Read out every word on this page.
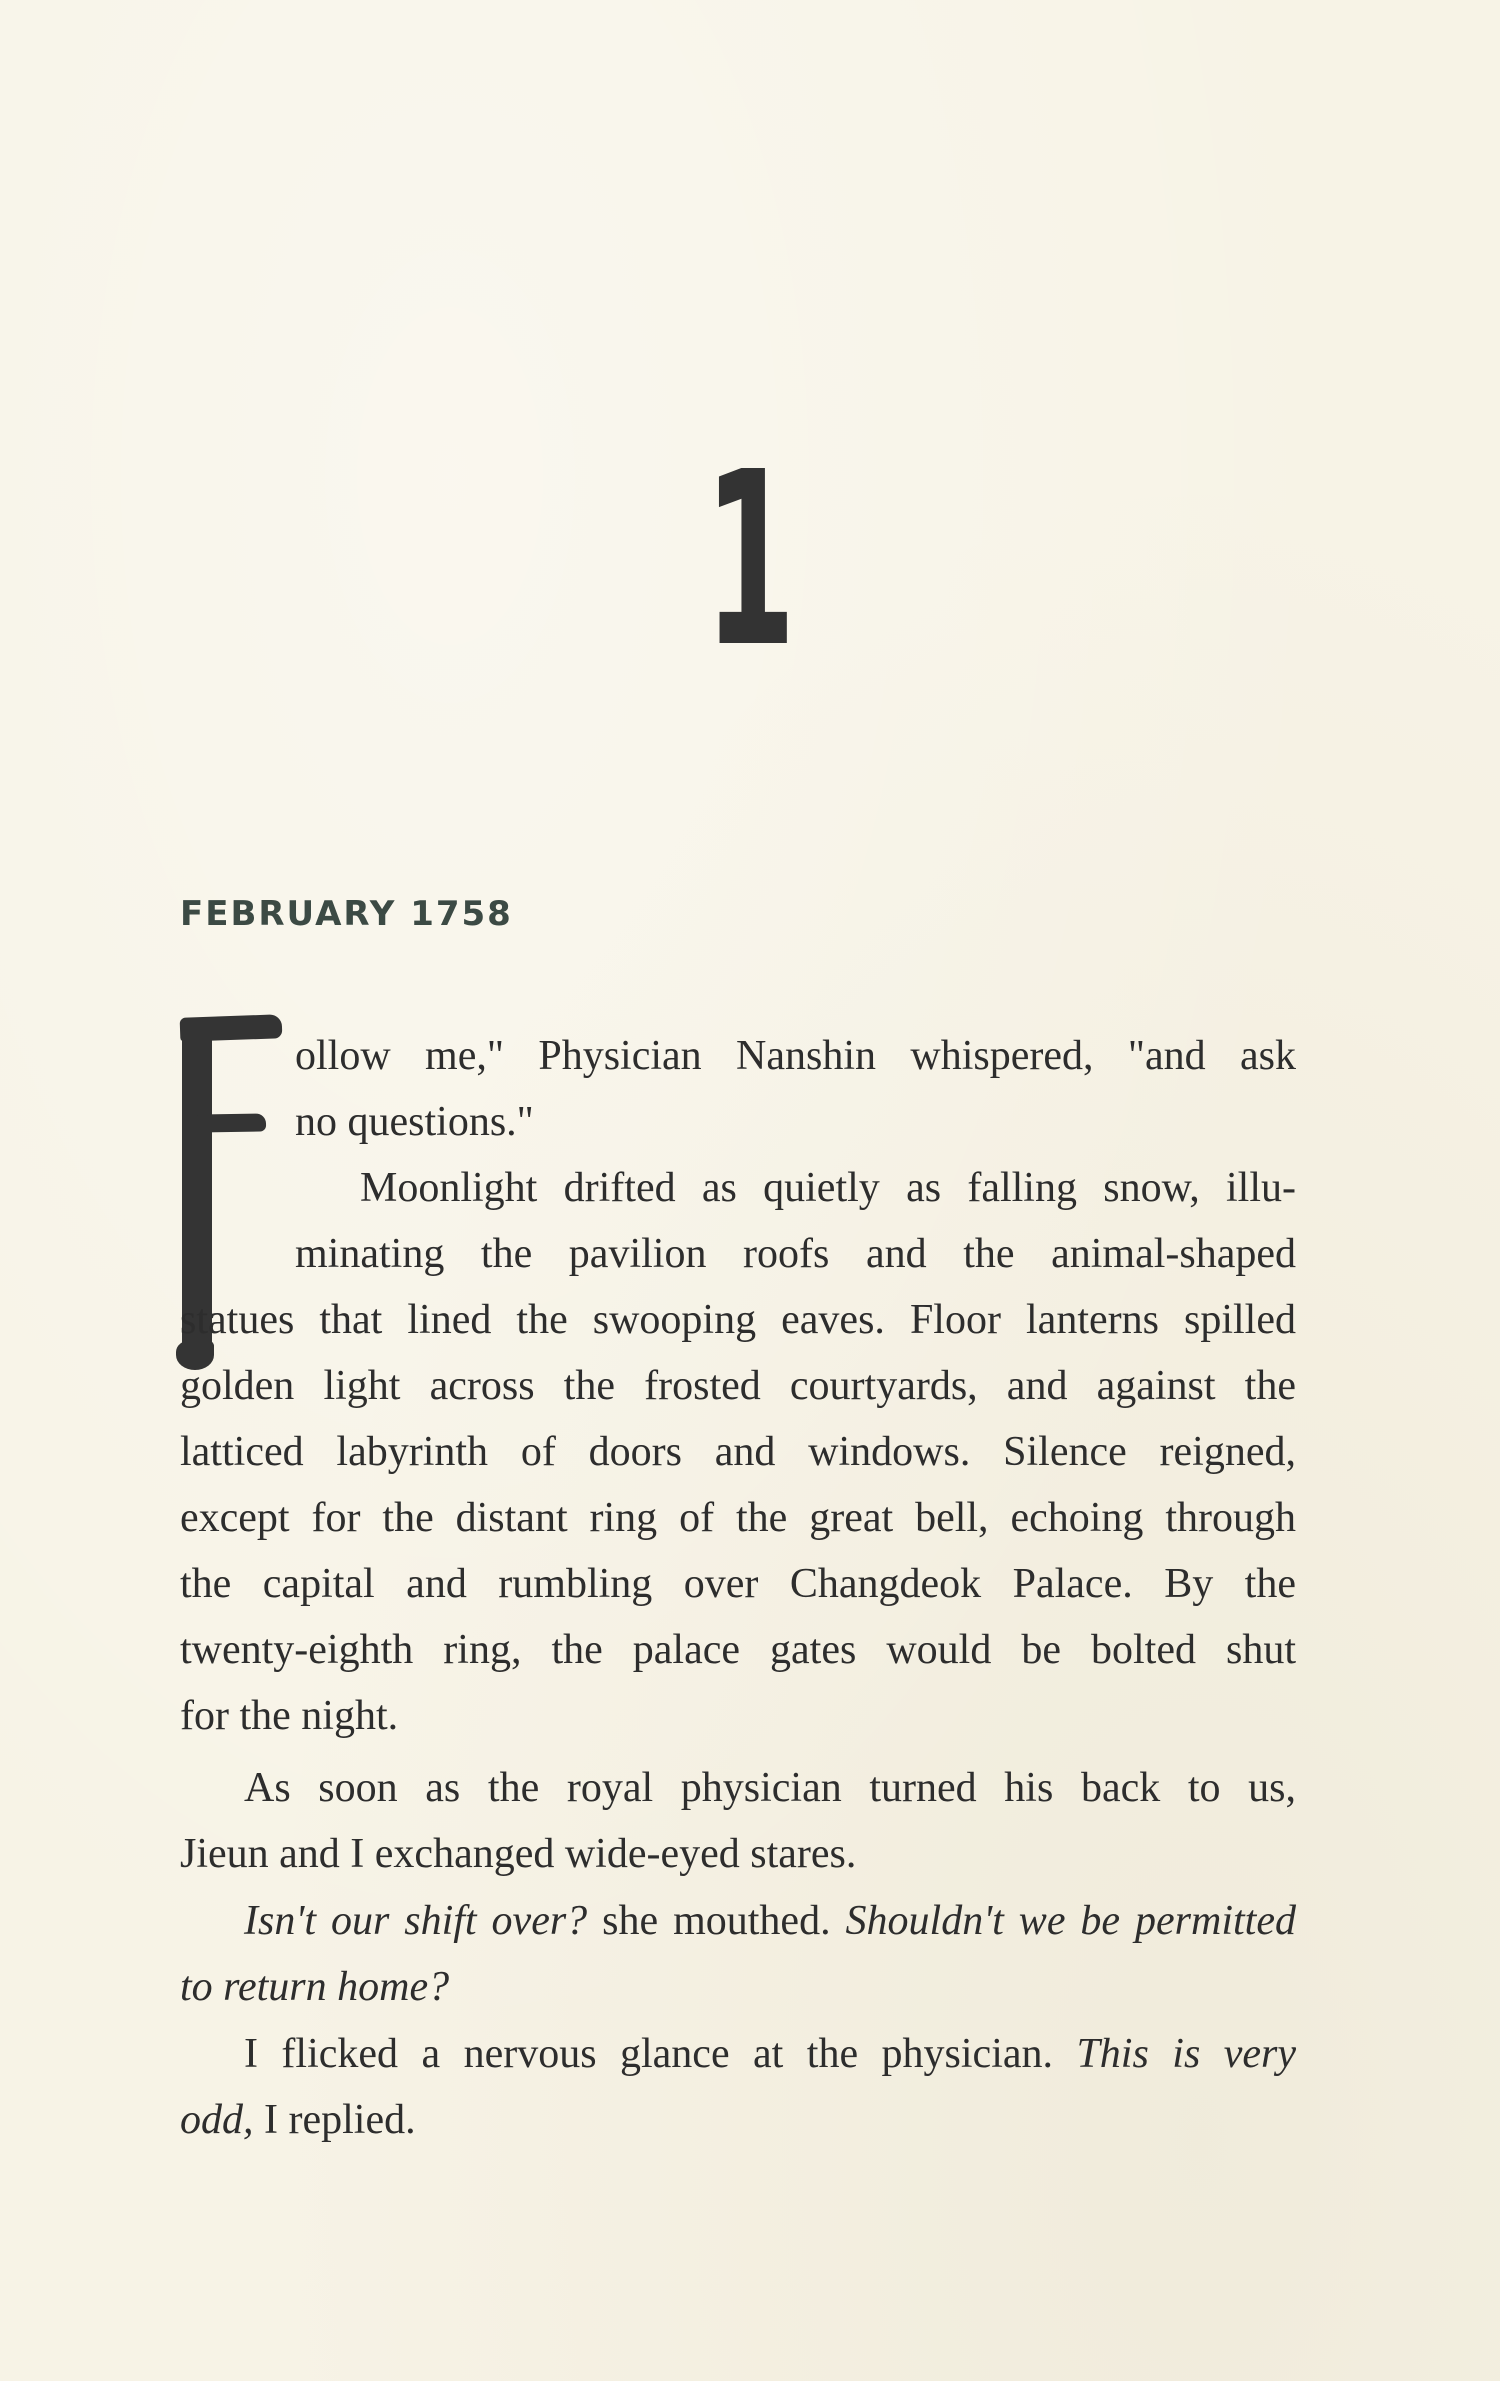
1
FEBRUARY 1758
ollow me," Physician Nanshin whispered, "and ask
no questions."
Moonlight drifted as quietly as falling snow, illu-
minating the pavilion roofs and the animal-shaped
statues that lined the swooping eaves. Floor lanterns spilled
golden light across the frosted courtyards, and against the
latticed labyrinth of doors and windows. Silence reigned,
except for the distant ring of the great bell, echoing through
the capital and rumbling over Changdeok Palace. By the
twenty-eighth ring, the palace gates would be bolted shut
for the night.
As soon as the royal physician turned his back to us,
Jieun and I exchanged wide-eyed stares.
Isn't our shift over? she mouthed. Shouldn't we be permitted
to return home?
I flicked a nervous glance at the physician. This is very
odd, I replied.
